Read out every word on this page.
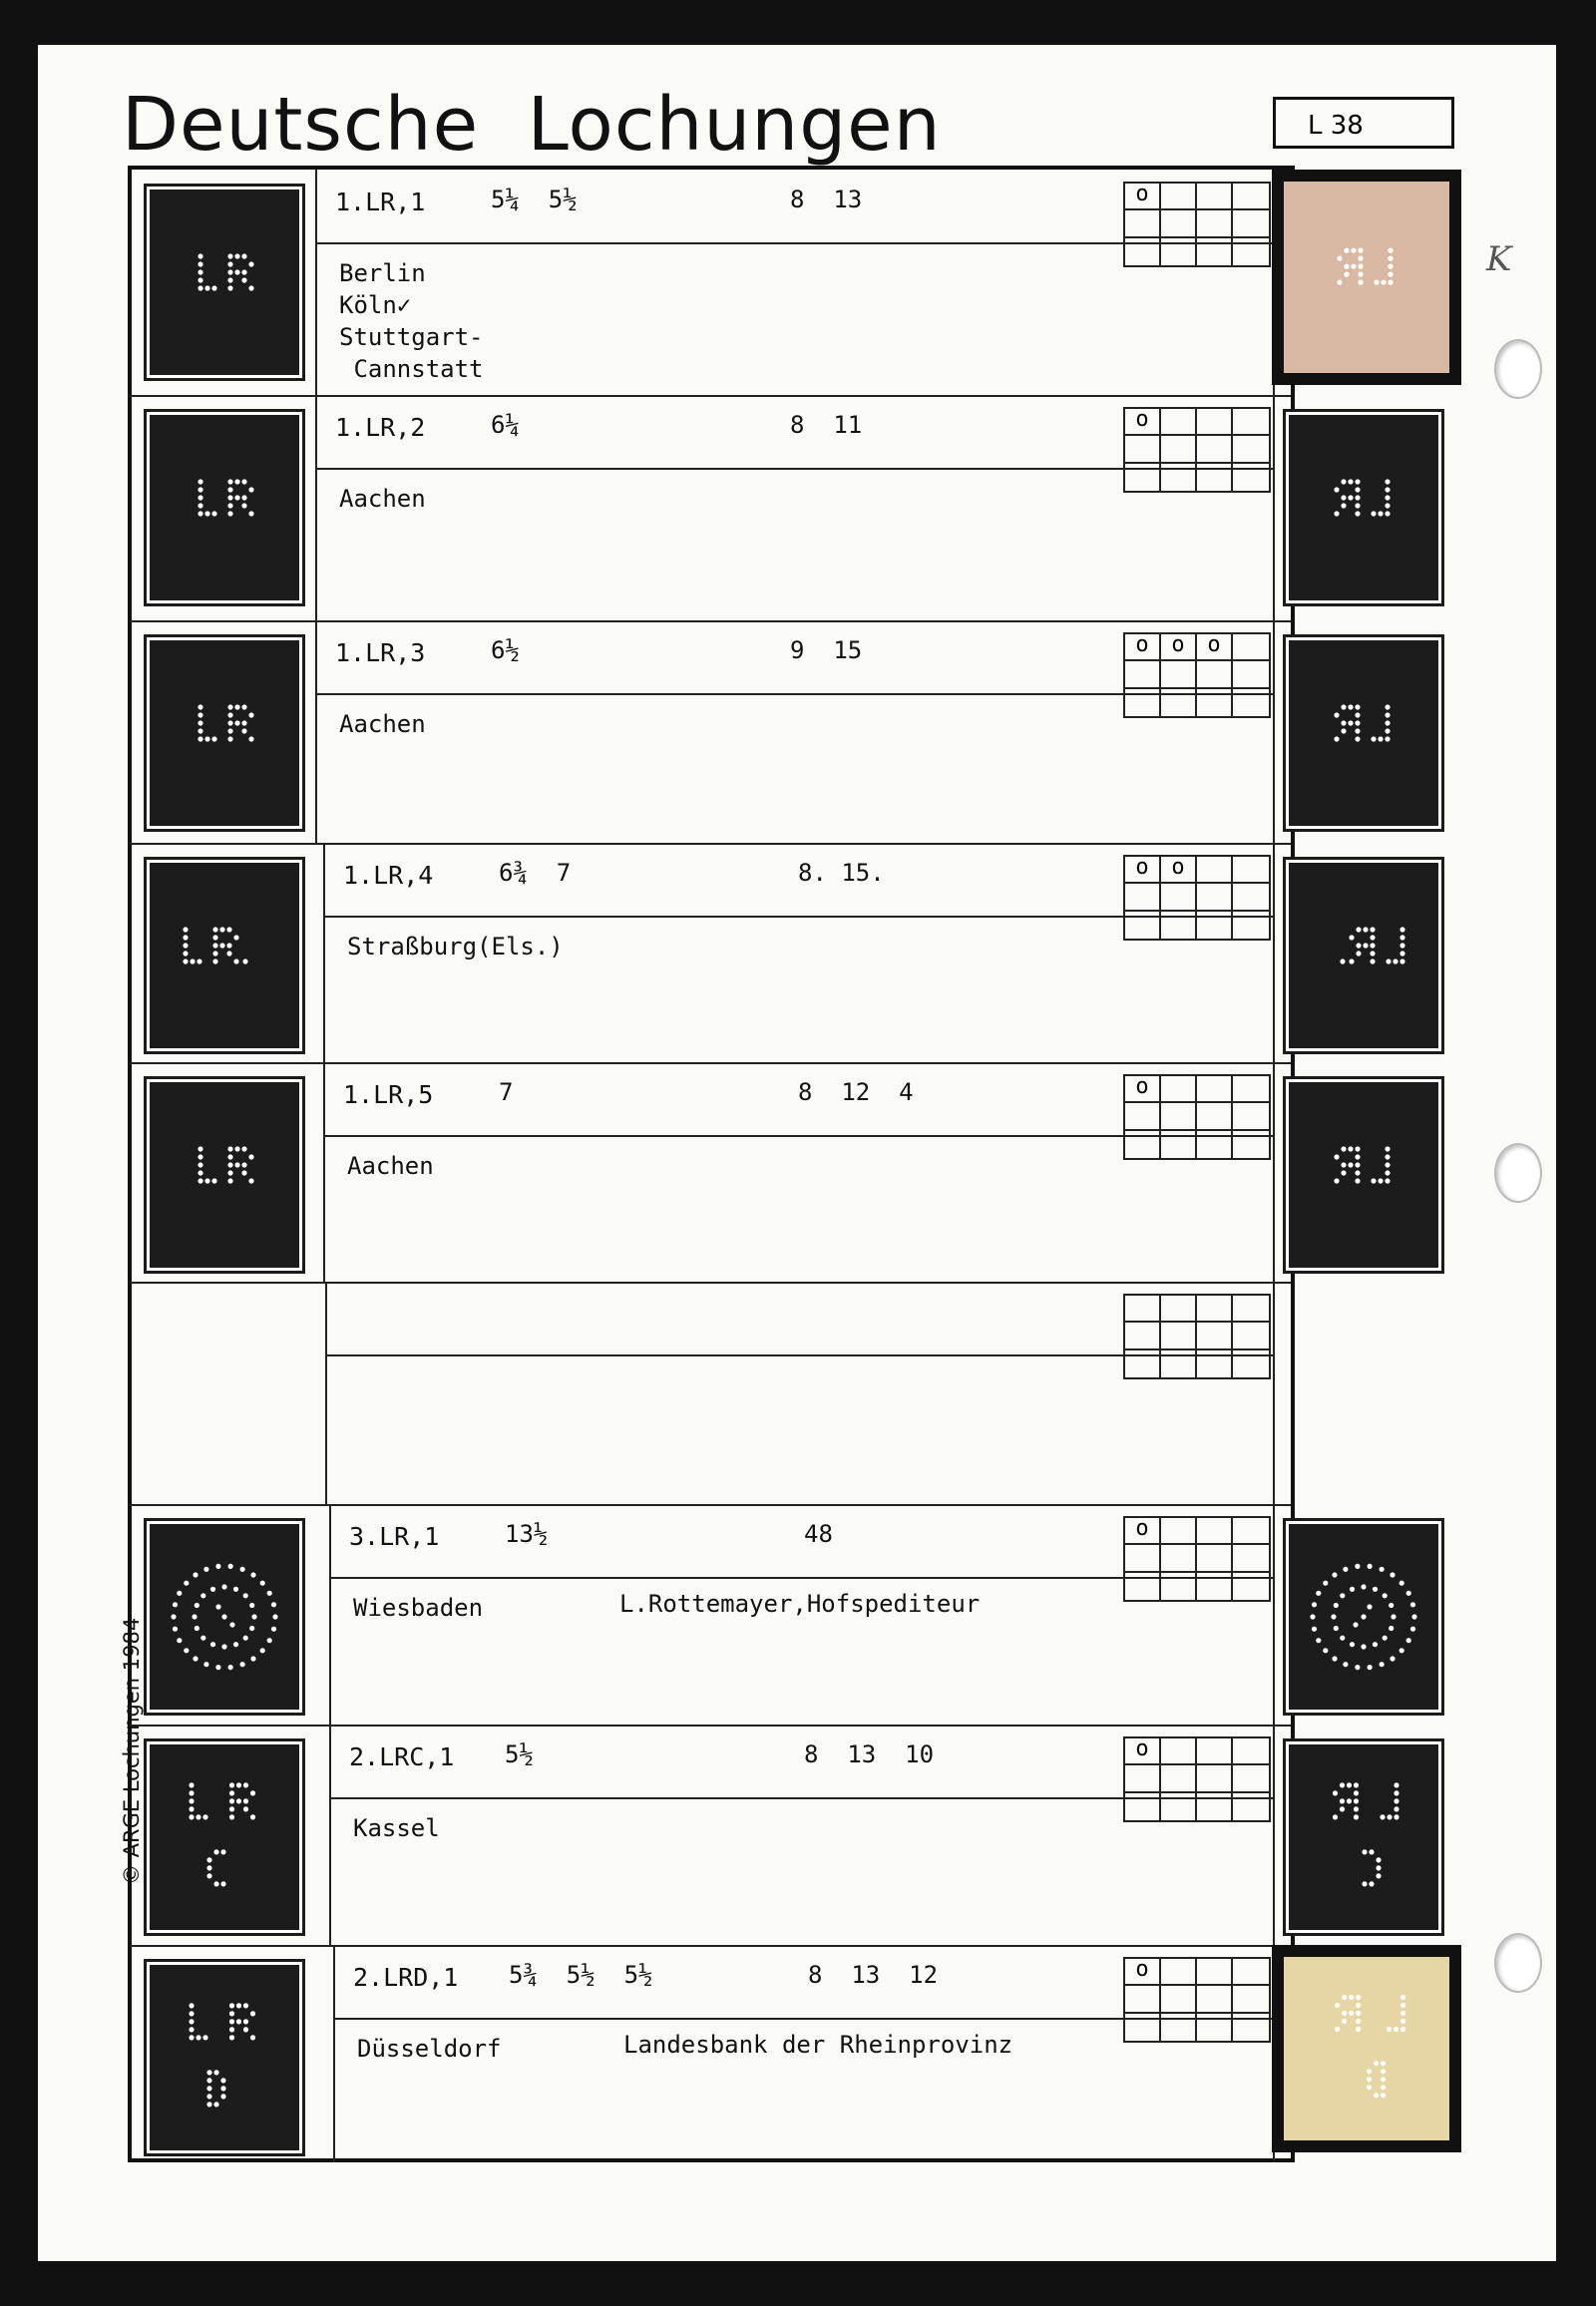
Deutsche Lochungen	L 38
K
1.LR,1	5¼  5½	8  13
Berlin
Köln✓
Stuttgart-
Cannstatt
o
1.LR,2	6¼	8  11
Aachen
o
1.LR,3	6½	9  15
Aachen
o	o	o
1.LR,4	6¾  7	8. 15.
Straßburg(Els.)
o	o
1.LR,5	7	8  12  4
Aachen
o
3.LR,1	13½	48
Wiesbaden	L.Rottemayer,Hofspediteur
o
2.LRC,1 5½	8  13  10
Kassel
o
2.LRD,1 5¾  5½  5½	8  13  12
Düsseldorf	Landesbank der Rheinprovinz
o
© ARGE Lochungen 1984
